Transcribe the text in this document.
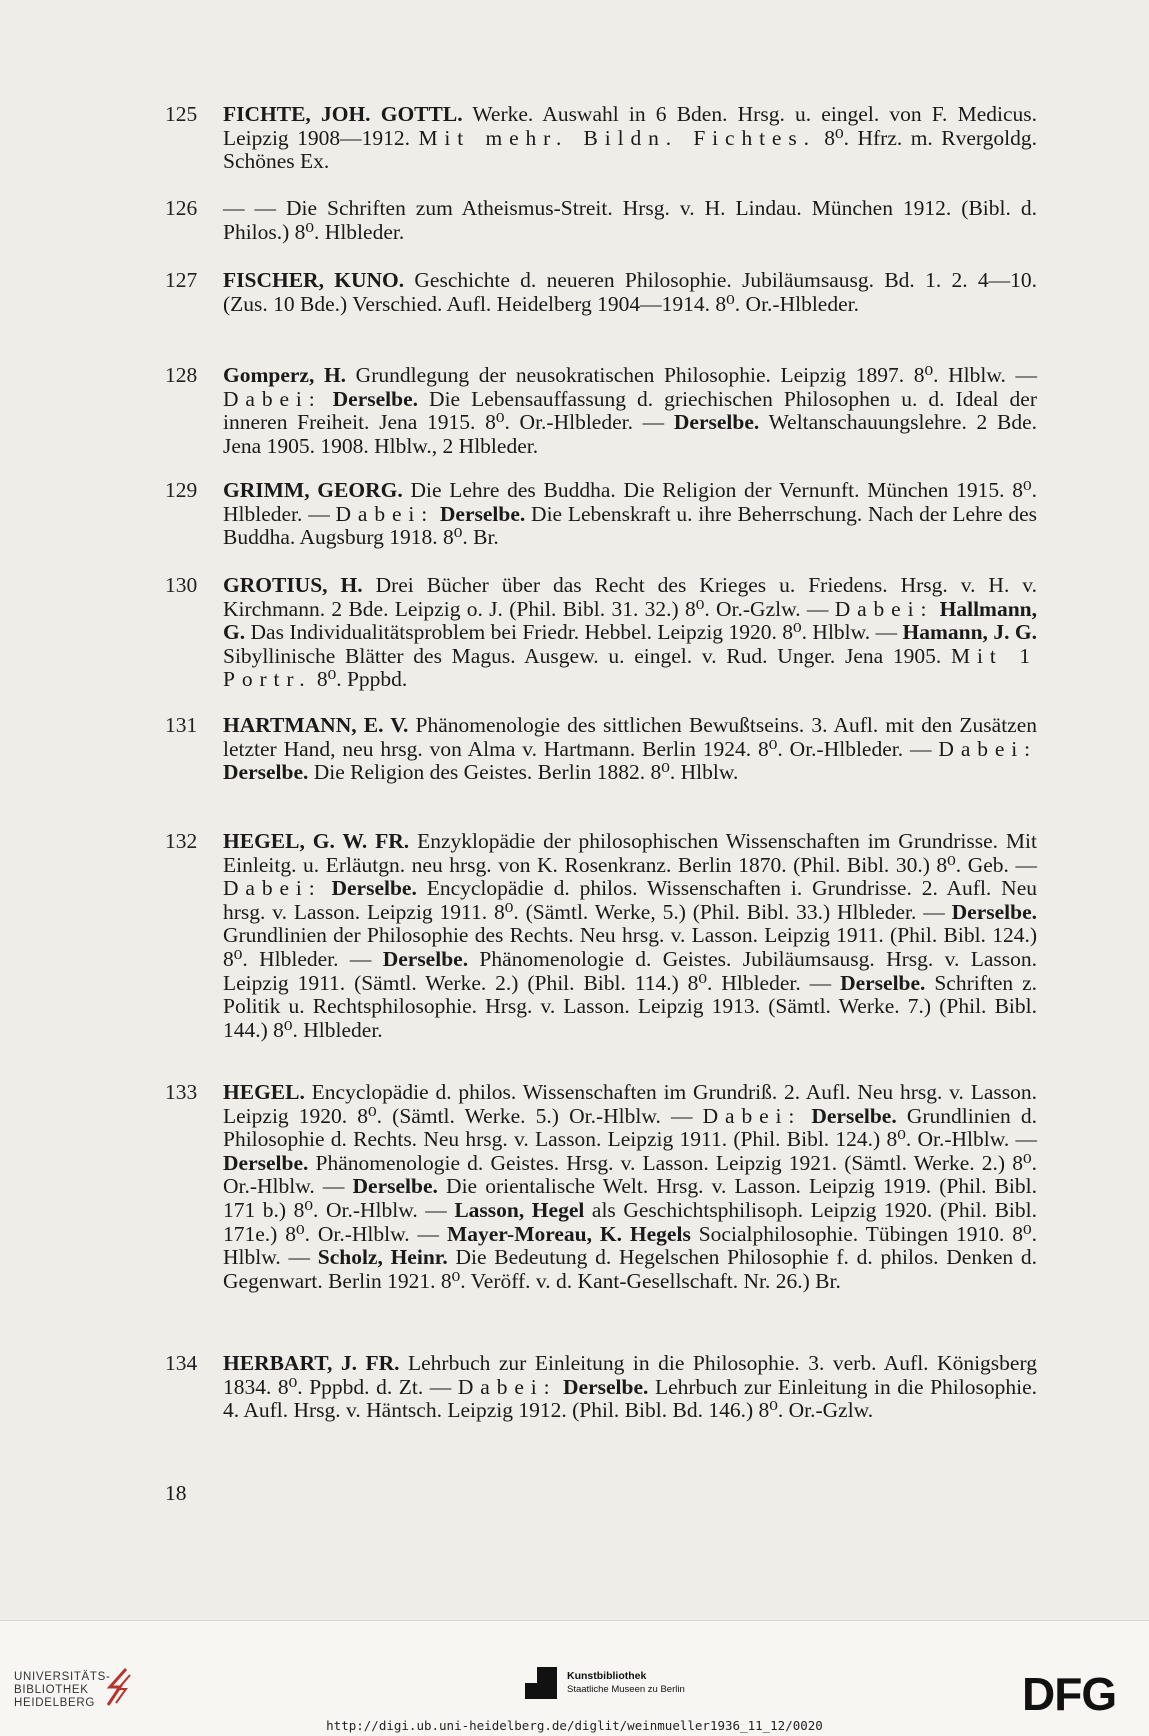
125	FICHTE, JOH. GOTTL. Werke. Auswahl in 6 Bden. Hrsg. u. eingel. von F. Medicus. Leipzig 1908—1912. Mit mehr. Bildn. Fichtes. 8⁰. Hfrz. m. Rvergoldg. Schönes Ex.
126	— — Die Schriften zum Atheismus-Streit. Hrsg. v. H. Lindau. München 1912. (Bibl. d. Philos.) 8⁰. Hlbleder.
127	FISCHER, KUNO. Geschichte d. neueren Philosophie. Jubiläumsausg. Bd. 1. 2. 4—10. (Zus. 10 Bde.) Verschied. Aufl. Heidelberg 1904—1914. 8⁰. Or.-Hlbleder.
128	Gomperz, H. Grundlegung der neusokratischen Philosophie. Leipzig 1897. 8⁰. Hlblw. — Dabei: Derselbe. Die Lebensauffassung d. griechischen Philosophen u. d. Ideal der inneren Freiheit. Jena 1915. 8⁰. Or.-Hlbleder. — Derselbe. Weltanschauungslehre. 2 Bde. Jena 1905. 1908. Hlblw., 2 Hlbleder.
129	GRIMM, GEORG. Die Lehre des Buddha. Die Religion der Vernunft. München 1915. 8⁰. Hlbleder. — Dabei: Derselbe. Die Lebenskraft u. ihre Beherrschung. Nach der Lehre des Buddha. Augsburg 1918. 8⁰. Br.
130	GROTIUS, H. Drei Bücher über das Recht des Krieges u. Friedens. Hrsg. v. H. v. Kirchmann. 2 Bde. Leipzig o. J. (Phil. Bibl. 31. 32.) 8⁰. Or.-Gzlw. — Dabei: Hallmann, G. Das Individualitätsproblem bei Friedr. Hebbel. Leipzig 1920. 8⁰. Hlblw. — Hamann, J. G. Sibyllinische Blätter des Magus. Ausgew. u. eingel. v. Rud. Unger. Jena 1905. Mit 1 Portr. 8⁰. Pppbd.
131	HARTMANN, E. V. Phänomenologie des sittlichen Bewußtseins. 3. Aufl. mit den Zusätzen letzter Hand, neu hrsg. von Alma v. Hartmann. Berlin 1924. 8⁰. Or.-Hlbleder. — Dabei: Derselbe. Die Religion des Geistes. Berlin 1882. 8⁰. Hlblw.
132	HEGEL, G. W. FR. Enzyklopädie der philosophischen Wissenschaften im Grundrisse. Mit Einleitg. u. Erläutgn. neu hrsg. von K. Rosenkranz. Berlin 1870. (Phil. Bibl. 30.) 8⁰. Geb. — Dabei: Derselbe. Encyclopädie d. philos. Wissenschaften i. Grundrisse. 2. Aufl. Neu hrsg. v. Lasson. Leipzig 1911. 8⁰. (Sämtl. Werke, 5.) (Phil. Bibl. 33.) Hlbleder. — Derselbe. Grundlinien der Philosophie des Rechts. Neu hrsg. v. Lasson. Leipzig 1911. (Phil. Bibl. 124.) 8⁰. Hlbleder. — Derselbe. Phänomenologie d. Geistes. Jubiläumsausg. Hrsg. v. Lasson. Leipzig 1911. (Sämtl. Werke. 2.) (Phil. Bibl. 114.) 8⁰. Hlbleder. — Derselbe. Schriften z. Politik u. Rechtsphilosophie. Hrsg. v. Lasson. Leipzig 1913. (Sämtl. Werke. 7.) (Phil. Bibl. 144.) 8⁰. Hlbleder.
133	HEGEL. Encyclopädie d. philos. Wissenschaften im Grundriß. 2. Aufl. Neu hrsg. v. Lasson. Leipzig 1920. 8⁰. (Sämtl. Werke. 5.) Or.-Hlblw. — Dabei: Derselbe. Grundlinien d. Philosophie d. Rechts. Neu hrsg. v. Lasson. Leipzig 1911. (Phil. Bibl. 124.) 8⁰. Or.-Hlblw. — Derselbe. Phänomenologie d. Geistes. Hrsg. v. Lasson. Leipzig 1921. (Sämtl. Werke. 2.) 8⁰. Or.-Hlblw. — Derselbe. Die orientalische Welt. Hrsg. v. Lasson. Leipzig 1919. (Phil. Bibl. 171 b.) 8⁰. Or.-Hlblw. — Lasson, Hegel als Geschichtsphilisoph. Leipzig 1920. (Phil. Bibl. 171e.) 8⁰. Or.-Hlblw. — Mayer-Moreau, K. Hegels Socialphilosophie. Tübingen 1910. 8⁰. Hlblw. — Scholz, Heinr. Die Bedeutung d. Hegelschen Philosophie f. d. philos. Denken d. Gegenwart. Berlin 1921. 8⁰. Veröff. v. d. Kant-Gesellschaft. Nr. 26.) Br.
134	HERBART, J. FR. Lehrbuch zur Einleitung in die Philosophie. 3. verb. Aufl. Königsberg 1834. 8⁰. Pppbd. d. Zt. — Dabei: Derselbe. Lehrbuch zur Einleitung in die Philosophie. 4. Aufl. Hrsg. v. Häntsch. Leipzig 1912. (Phil. Bibl. Bd. 146.) 8⁰. Or.-Gzlw.
18
UNIVERSITÄTS-
BIBLIOTHEK
HEIDELBERG
Kunstbibliothek
Staatliche Museen zu Berlin	DFG
http://digi.ub.uni-heidelberg.de/diglit/weinmueller1936_11_12/0020
